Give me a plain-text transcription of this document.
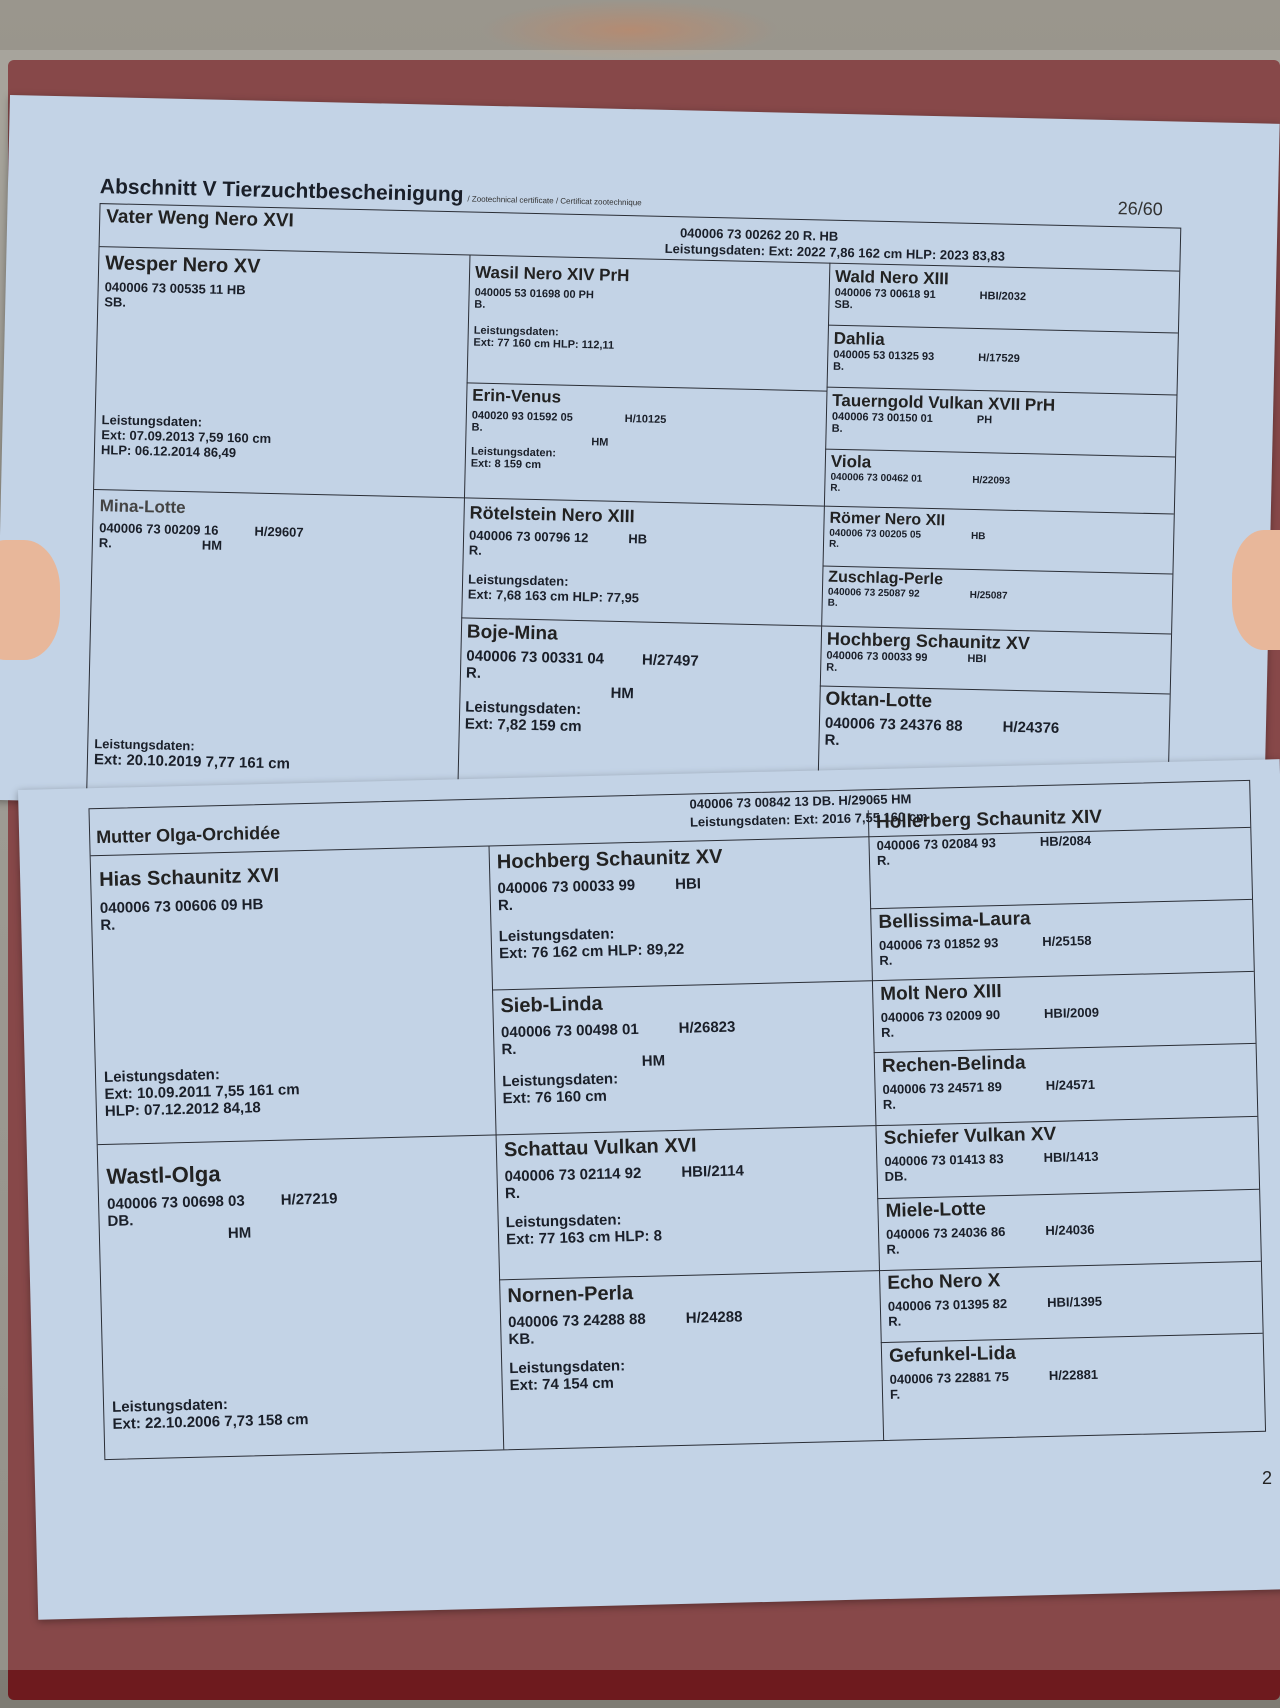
Abschnitt V Tierzuchtbescheinigung / Zootechnical certificate / Certificat zootechnique	26/60
Vater Weng Nero XVI
040006 73 00262 20 R. HB
Leistungsdaten: Ext: 2022 7,86 162 cm HLP: 2023 83,83
Wesper Nero XV
040006 73 00535 11 HB
SB.
Leistungsdaten:
Ext: 07.09.2013 7,59 160 cm
HLP: 06.12.2014 86,49
Wasil Nero XIV PrH
040005 53 01698 00 PH
B.
Leistungsdaten:
Ext: 77 160 cm HLP: 112,11
Erin-Venus
040020 93 01592 05	H/10125
B.
HM
Leistungsdaten:
Ext: 8 159 cm
Wald Nero XIII
040006 73 00618 91	HBI/2032
SB.
Dahlia
040005 53 01325 93	H/17529
B.
Tauerngold Vulkan XVII PrH
040006 73 00150 01	PH
B.
Viola
040006 73 00462 01	H/22093
R.
Mina-Lotte
040006 73 00209 16	H/29607
R.	HM
Leistungsdaten:
Ext: 20.10.2019 7,77 161 cm
Rötelstein Nero XIII
040006 73 00796 12	HB
R.
Leistungsdaten:
Ext: 7,68 163 cm HLP: 77,95
Boje-Mina
040006 73 00331 04	H/27497
R.
HM
Leistungsdaten:
Ext: 7,82 159 cm
Römer Nero XII
040006 73 00205 05	HB
R.
Zuschlag-Perle
040006 73 25087 92	H/25087
B.
Hochberg Schaunitz XV
040006 73 00033 99	HBI
R.
Oktan-Lotte
040006 73 24376 88	H/24376
R.
Mutter Olga-Orchidée
040006 73 00842 13 DB. H/29065 HM
Leistungsdaten: Ext: 2016 7,55 160 cm
Hias Schaunitz XVI
040006 73 00606 09 HB
R.
Leistungsdaten:
Ext: 10.09.2011 7,55 161 cm
HLP: 07.12.2012 84,18
Hochberg Schaunitz XV
040006 73 00033 99	HBI
R.
Leistungsdaten:
Ext: 76 162 cm HLP: 89,22
Sieb-Linda
040006 73 00498 01	H/26823
R.
HM
Leistungsdaten:
Ext: 76 160 cm
Hollerberg Schaunitz XIV
040006 73 02084 93	HB/2084
R.
Bellissima-Laura
040006 73 01852 93	H/25158
R.
Molt Nero XIII
040006 73 02009 90	HBI/2009
R.
Rechen-Belinda
040006 73 24571 89	H/24571
R.
Wastl-Olga
040006 73 00698 03 H/27219
DB.
HM
Leistungsdaten:
Ext: 22.10.2006 7,73 158 cm
Schattau Vulkan XVI
040006 73 02114 92	HBI/2114
R.
Leistungsdaten:
Ext: 77 163 cm HLP: 8
Nornen-Perla
040006 73 24288 88	H/24288
KB.
Leistungsdaten:
Ext: 74 154 cm
Schiefer Vulkan XV
040006 73 01413 83	HBI/1413
DB.
Miele-Lotte
040006 73 24036 86	H/24036
R.
Echo Nero X
040006 73 01395 82	HBI/1395
R.
Gefunkel-Lida
040006 73 22881 75	H/22881
F.
2
